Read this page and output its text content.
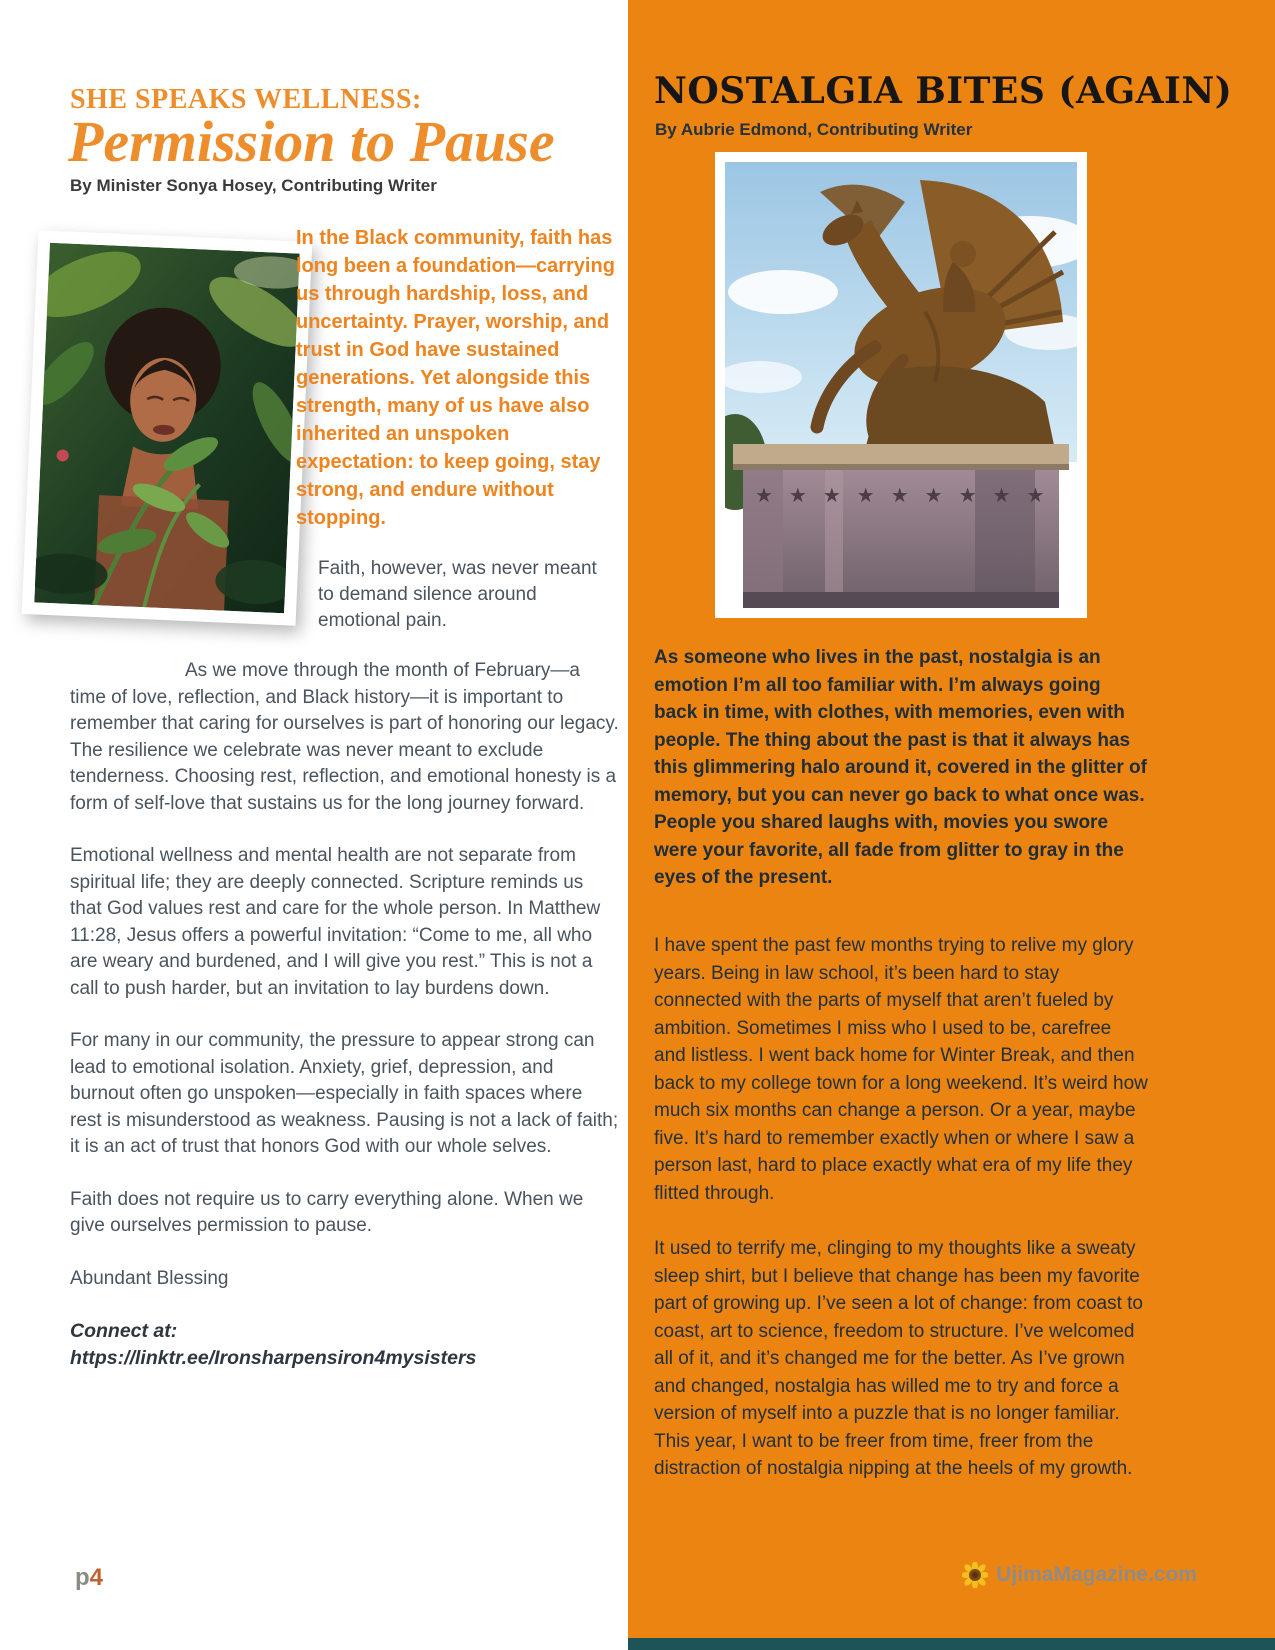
SHE SPEAKS WELLNESS:
Permission to Pause
By Minister Sonya Hosey, Contributing Writer
In the Black community, faith has long been a foundation—carrying us through hardship, loss, and uncertainty. Prayer, worship, and trust in God have sustained generations. Yet alongside this strength, many of us have also inherited an unspoken expectation: to keep going, stay strong, and endure without stopping.
Faith, however, was never meant to demand silence around emotional pain.

As we move through the month of February—a time of love, reflection, and Black history—it is important to remember that caring for ourselves is part of honoring our legacy. The resilience we celebrate was never meant to exclude tenderness. Choosing rest, reflection, and emotional honesty is a form of self-love that sustains us for the long journey forward.

Emotional wellness and mental health are not separate from spiritual life; they are deeply connected. Scripture reminds us that God values rest and care for the whole person. In Matthew 11:28, Jesus offers a powerful invitation: “Come to me, all who are weary and burdened, and I will give you rest.” This is not a call to push harder, but an invitation to lay burdens down.

For many in our community, the pressure to appear strong can lead to emotional isolation. Anxiety, grief, depression, and burnout often go unspoken—especially in faith spaces where rest is misunderstood as weakness. Pausing is not a lack of faith; it is an act of trust that honors God with our whole selves.

Faith does not require us to carry everything alone. When we give ourselves permission to pause.

Abundant Blessing

Connect at:
https://linktr.ee/Ironsharpensiron4mysisters
NOSTALGIA BITES (AGAIN)
By Aubrie Edmond, Contributing Writer
★★★★★★★★★
As someone who lives in the past, nostalgia is an emotion I’m all too familiar with. I’m always going back in time, with clothes, with memories, even with people. The thing about the past is that it always has this glimmering halo around it, covered in the glitter of memory, but you can never go back to what once was. People you shared laughs with, movies you swore were your favorite, all fade from glitter to gray in the eyes of the present.

I have spent the past few months trying to relive my glory years. Being in law school, it’s been hard to stay connected with the parts of myself that aren’t fueled by ambition. Sometimes I miss who I used to be, carefree and listless. I went back home for Winter Break, and then back to my college town for a long weekend. It’s weird how much six months can change a person. Or a year, maybe five. It’s hard to remember exactly when or where I saw a person last, hard to place exactly what era of my life they flitted through.

It used to terrify me, clinging to my thoughts like a sweaty sleep shirt, but I believe that change has been my favorite part of growing up. I’ve seen a lot of change: from coast to coast, art to science, freedom to structure. I’ve welcomed all of it, and it’s changed me for the better. As I’ve grown and changed, nostalgia has willed me to try and force a version of myself into a puzzle that is no longer familiar. This year, I want to be freer from time, freer from the distraction of nostalgia nipping at the heels of my growth.

p4	UjimaMagazine.com
